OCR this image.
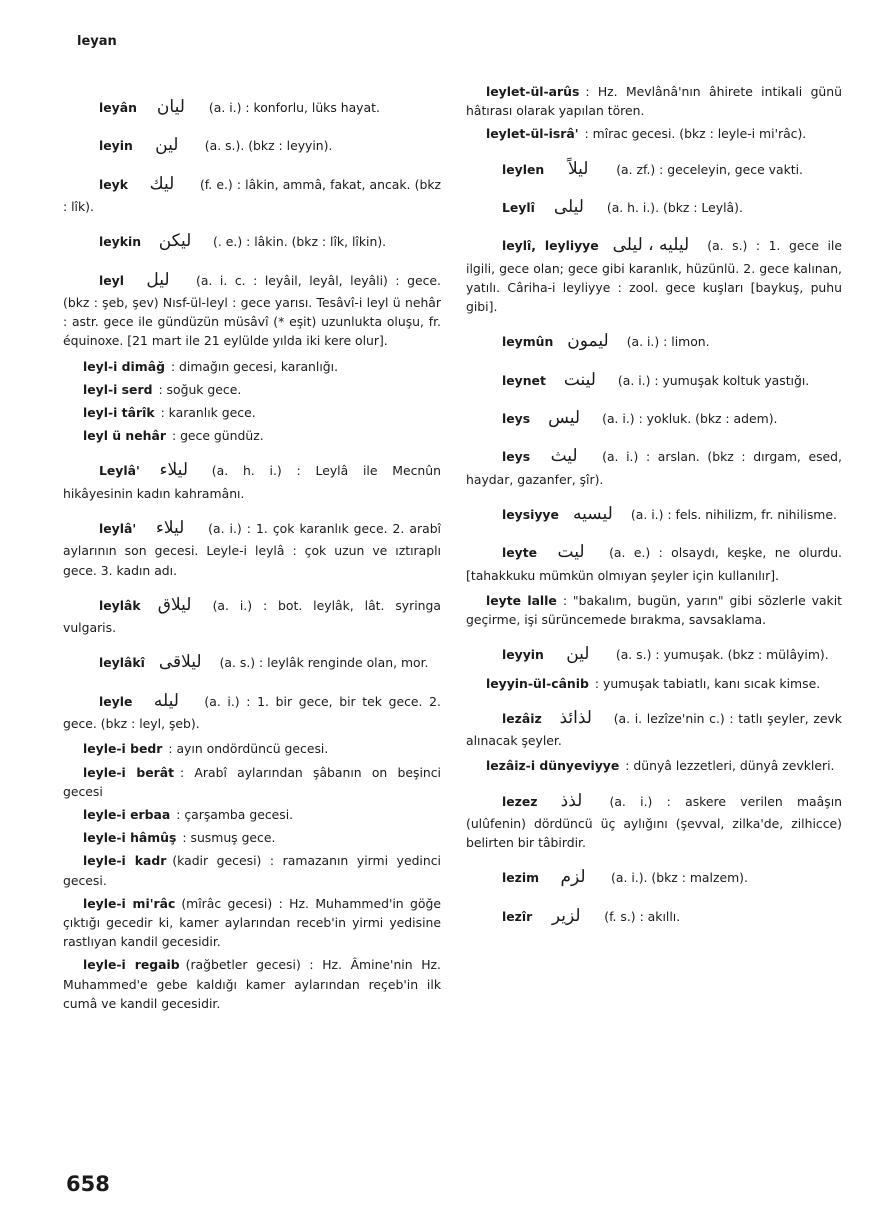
leyan

leyân ليان (a. i.) : konforlu, lüks hayat.

leyin لين (a. s.). (bkz : leyyin).

leyk ليك (f. e.) : lâkin, ammâ, fakat, ancak. (bkz : lîk).

leykin ليكن (. e.) : lâkin. (bkz : lîk, lîkin).

leyl ليل (a. i. c. : leyâil, leyâl, leyâli) : gece. (bkz : şeb, şev) Nısf-ül-leyl : gece yarısı. Tesâvî-i leyl ü nehâr : astr. gece ile gündüzün müsâvî (* eşit) uzunlukta oluşu, fr. équinoxe. [21 mart ile 21 eylülde yılda iki kere olur].

leyl-i dimâğ : dimağın gecesi, karanlığı.

leyl-i serd : soğuk gece.

leyl-i târîk : karanlık gece.

leyl ü nehâr : gece gündüz.

Leylâ' ليلاء (a. h. i.) : Leylâ ile Mecnûn hikâyesinin kadın kahramânı.

leylâ' ليلاء (a. i.) : 1. çok karanlık gece. 2. arabî aylarının son gecesi. Leyle-i leylâ : çok uzun ve ıztıraplı gece. 3. kadın adı.

leylâk ليلاق (a. i.) : bot. leylâk, lât. syringa vulgaris.

leylâkî ليلاقى (a. s.) : leylâk renginde olan, mor.

leyle ليله (a. i.) : 1. bir gece, bir tek gece. 2. gece. (bkz : leyl, şeb).

leyle-i bedr : ayın ondördüncü gecesi.

leyle-i berât : Arabî aylarından şâbanın on beşinci gecesi

leyle-i erbaa : çarşamba gecesi.

leyle-i hâmûş : susmuş gece.

leyle-i kadr (kadir gecesi) : ramazanın yirmi yedinci gecesi.

leyle-i mi'râc (mîrâc gecesi) : Hz. Muhammed'in göğe çıktığı gecedir ki, kamer aylarından receb'in yirmi yedisine rastlıyan kandil gecesidir.

leyle-i regaib (rağbetler gecesi) : Hz. Âmine'nin Hz. Muhammed'e gebe kaldığı kamer aylarından reçeb'in ilk cumâ ve kandil gecesidir.

leylet-ül-arûs : Hz. Mevlânâ'nın âhirete intikali günü hâtırası olarak yapılan tören.

leylet-ül-isrâ' : mîrac gecesi. (bkz : leyle-i mi'râc).

leylen ليلاً (a. zf.) : geceleyin, gece vakti.

Leylî ليلى (a. h. i.). (bkz : Leylâ).

leylî, leyliyye ليليه ، ليلى (a. s.) : 1. gece ile ilgili, gece olan; gece gibi karanlık, hüzünlü. 2. gece kalınan, yatılı. Câriha-i leyliyye : zool. gece kuşları [baykuş, puhu gibi].

leymûn ليمون (a. i.) : limon.

leynet لينت (a. i.) : yumuşak koltuk yastığı.

leys ليس (a. i.) : yokluk. (bkz : adem).

leys ليث (a. i.) : arslan. (bkz : dırgam, esed, haydar, gazanfer, şîr).

leysiyye ليسيه (a. i.) : fels. nihilizm, fr. nihilisme.

leyte ليت (a. e.) : olsaydı, keşke, ne olurdu. [tahakkuku mümkün olmıyan şeyler için kullanılır].

leyte lalle : "bakalım, bugün, yarın" gibi sözlerle vakit geçirme, işi sürüncemede bırakma, savsaklama.

leyyin لين (a. s.) : yumuşak. (bkz : mülâyim).

leyyin-ül-cânib : yumuşak tabiatlı, kanı sıcak kimse.

lezâiz لذائذ (a. i. lezîze'nin c.) : tatlı şeyler, zevk alınacak şeyler.

lezâiz-i dünyeviyye : dünyâ lezzetleri, dünyâ zevkleri.

lezez لذذ (a. i.) : askere verilen maâşın (ulûfenin) dördüncü üç aylığını (şevval, zilka'de, zilhicce) belirten bir tâbirdir.

lezim لزم (a. i.). (bkz : malzem).

lezîr لزير (f. s.) : akıllı.

658
